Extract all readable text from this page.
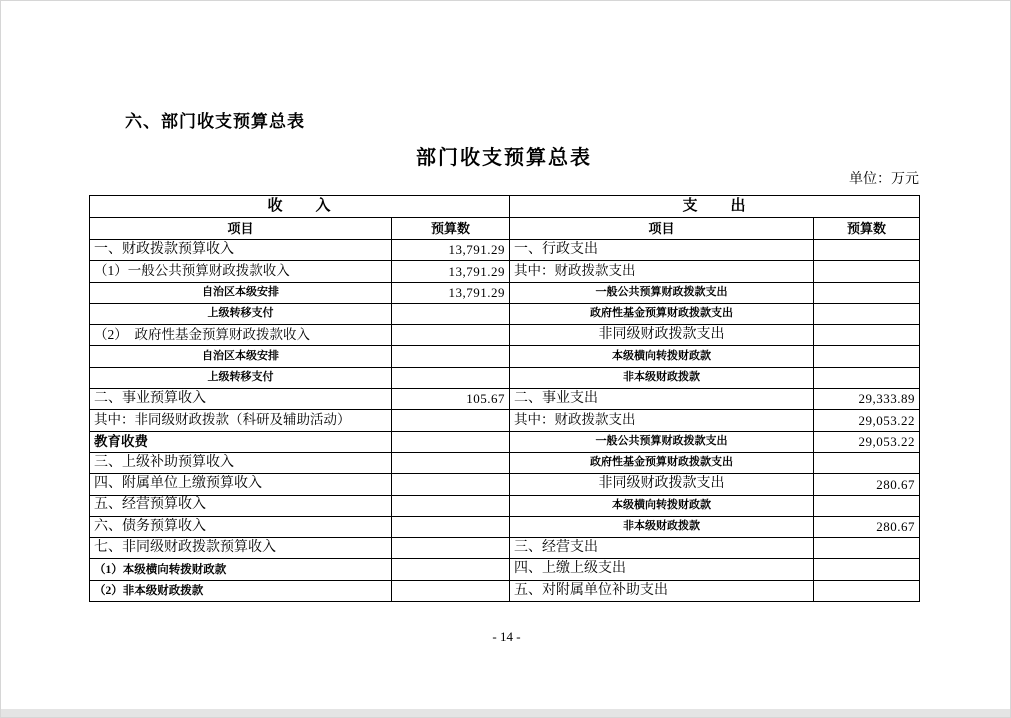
六、部门收支预算总表
部门收支预算总表
单位：万元
收　　入		支　　出	
项目	预算数	项目	预算数
一、财政拨款预算收入	13,791.29	一、行政支出	
（1）一般公共预算财政拨款收入	13,791.29	其中：财政拨款支出	
自治区本级安排	13,791.29	一般公共预算财政拨款支出	
上级转移支付		政府性基金预算财政拨款支出	
（2）　政府性基金预算财政拨款收入		非同级财政拨款支出	
自治区本级安排		本级横向转拨财政款	
上级转移支付		非本级财政拨款	
二、事业预算收入	105.67	二、事业支出	29,333.89
其中：非同级财政拨款（科研及辅助活动）		其中：财政拨款支出	29,053.22
教育收费		一般公共预算财政拨款支出	29,053.22
三、上级补助预算收入		政府性基金预算财政拨款支出	
四、附属单位上缴预算收入		非同级财政拨款支出	280.67
五、经营预算收入		本级横向转拨财政款	
六、债务预算收入		非本级财政拨款	280.67
七、非同级财政拨款预算收入		三、经营支出	
（1）本级横向转拨财政款		四、上缴上级支出	
（2）非本级财政拨款		五、对附属单位补助支出	
- 14 -
